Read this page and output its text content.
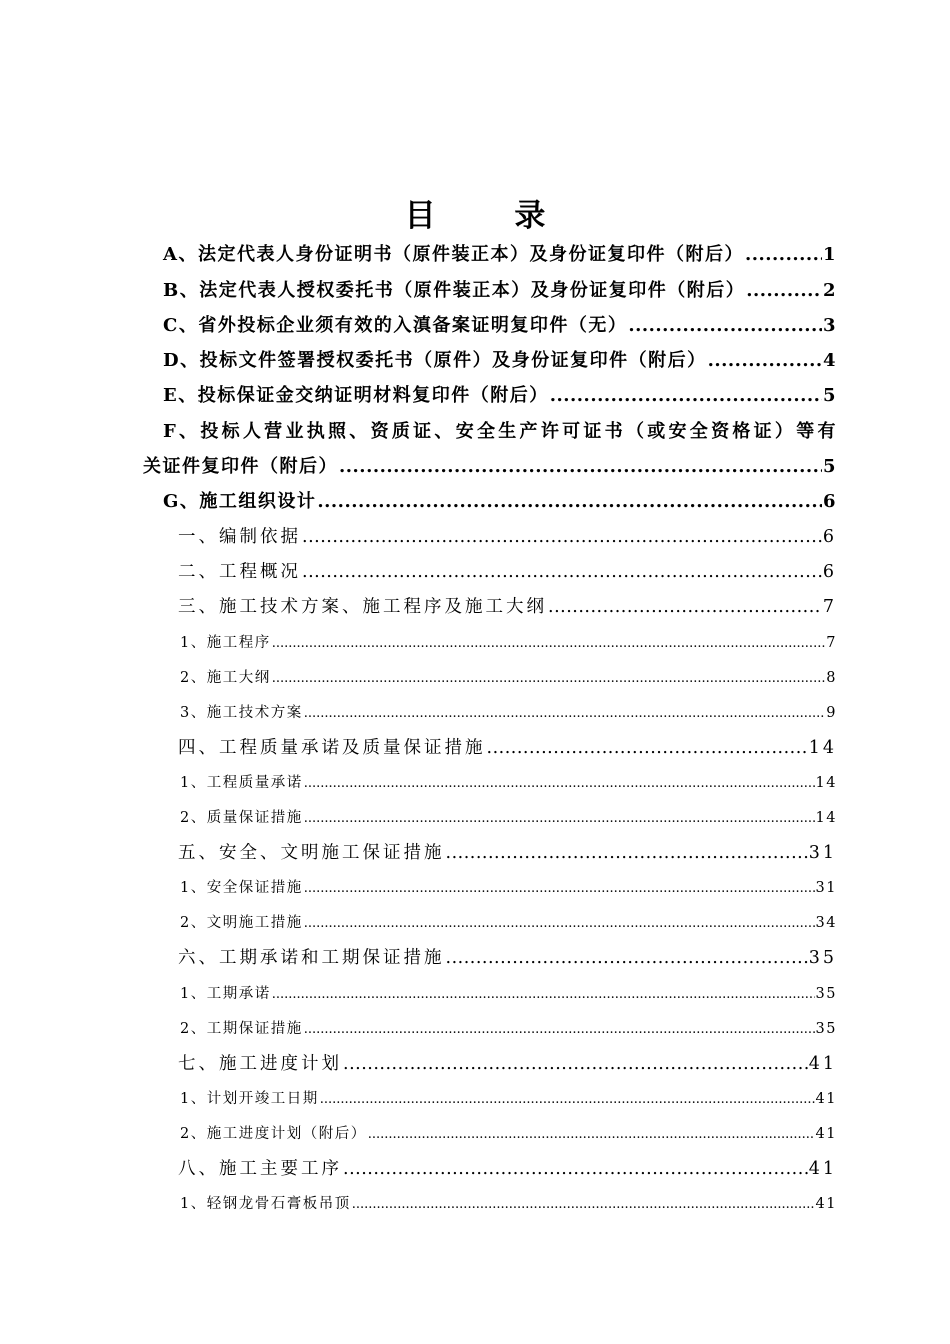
目 录
A、法定代表人身份证明书（原件装正本）及身份证复印件（附后） .....	1
B、法定代表人授权委托书（原件装正本）及身份证复印件（附后） .....	2
C、省外投标企业须有效的入滇备案证明复印件（无） .....	3
D、投标文件签署授权委托书（原件）及身份证复印件（附后） .....	4
E、投标保证金交纳证明材料复印件（附后） .....	5
F、投标人营业执照、资质证、安全生产许可证书（或安全资格证）等有
关证件复印件（附后） .....	5
G、施工组织设计 .....	6
一、编制依据 .....	6
二、工程概况 .....	6
三、施工技术方案、施工程序及施工大纲 .....	7
1、施工程序 .....	7
2、施工大纲 .....	8
3、施工技术方案 .....	9
四、工程质量承诺及质量保证措施 .....	14
1、工程质量承诺 .....	14
2、质量保证措施 .....	14
五、安全、文明施工保证措施 .....	31
1、安全保证措施 .....	31
2、文明施工措施 .....	34
六、工期承诺和工期保证措施 .....	35
1、工期承诺 .....	35
2、工期保证措施 .....	35
七、施工进度计划 .....	41
1、计划开竣工日期 .....	41
2、施工进度计划（附后） .....	41
八、施工主要工序 .....	41
1、轻钢龙骨石膏板吊顶 .....	41
